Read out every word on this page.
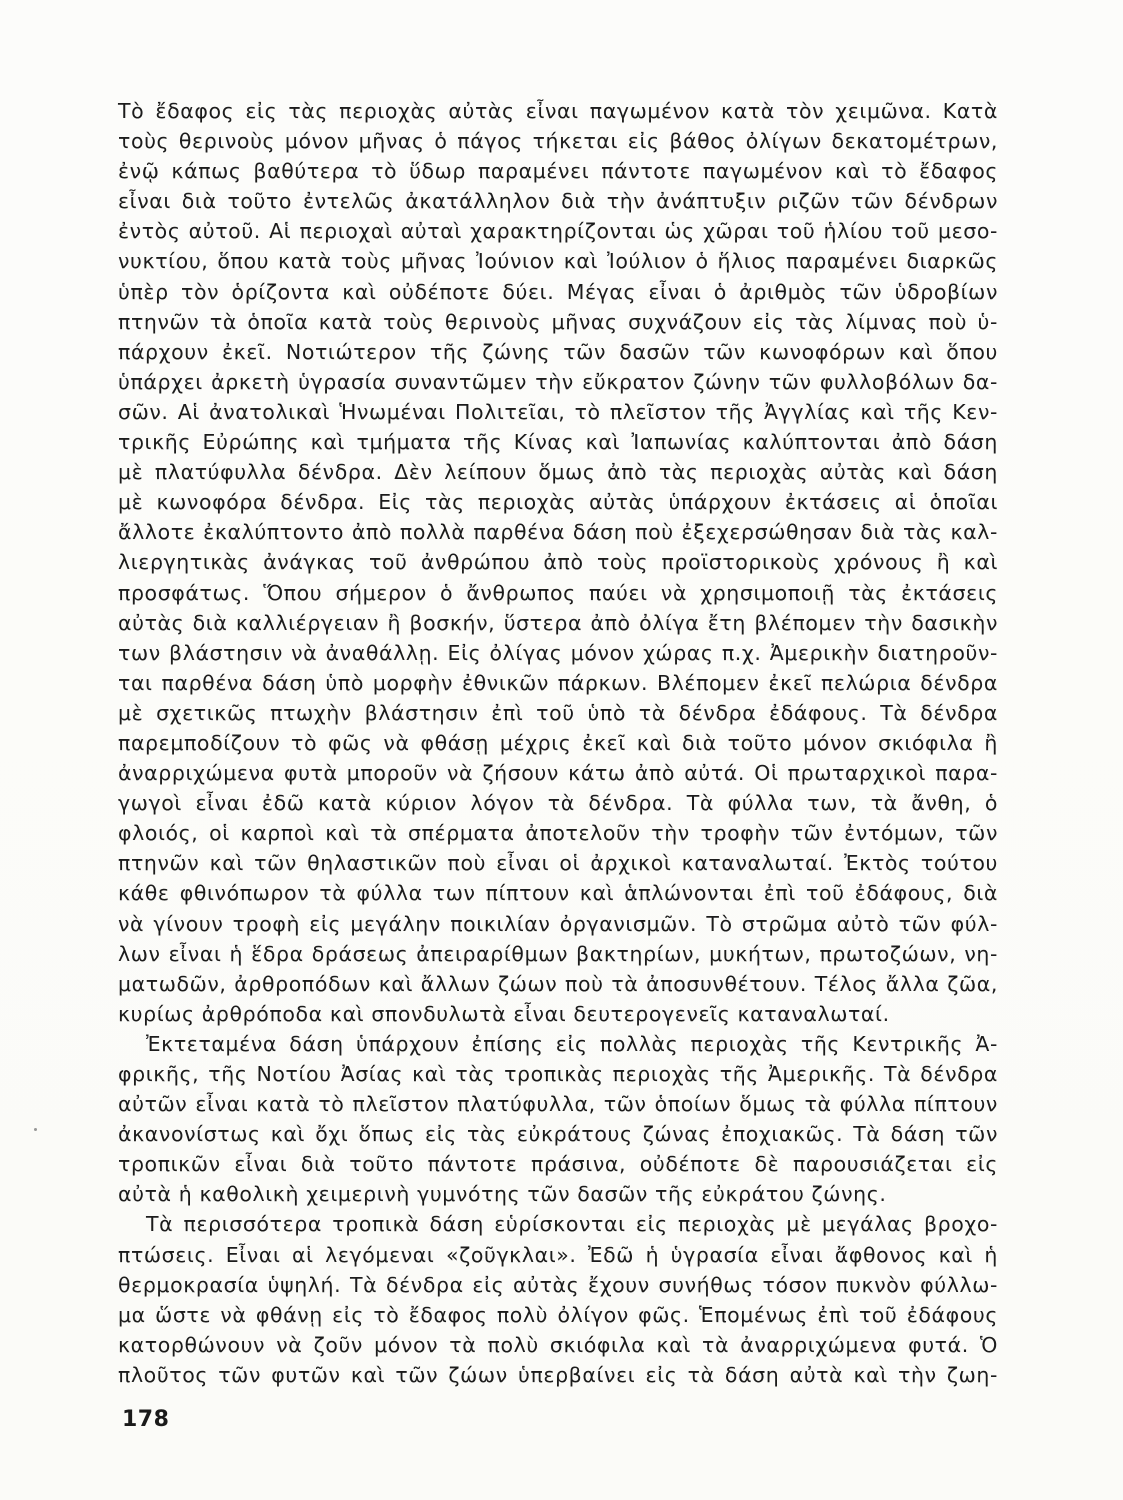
Τὸ ἔδαφος εἰς τὰς περιοχὰς αὐτὰς εἶναι παγωμένον κατὰ τὸν χειμῶνα. Κατὰ
τοὺς θερινοὺς μόνον μῆνας ὁ πάγος τήκεται εἰς βάθος ὀλίγων δεκατομέτρων,
ἐνῷ κάπως βαθύτερα τὸ ὕδωρ παραμένει πάντοτε παγωμένον καὶ τὸ ἔδαφος
εἶναι διὰ τοῦτο ἐντελῶς ἀκατάλληλον διὰ τὴν ἀνάπτυξιν ριζῶν τῶν δένδρων
ἐντὸς αὐτοῦ. Αἱ περιοχαὶ αὐταὶ χαρακτηρίζονται ὡς χῶραι τοῦ ἡλίου τοῦ μεσο-
νυκτίου, ὅπου κατὰ τοὺς μῆνας Ἰούνιον καὶ Ἰούλιον ὁ ἥλιος παραμένει διαρκῶς
ὑπὲρ τὸν ὁρίζοντα καὶ οὐδέποτε δύει. Μέγας εἶναι ὁ ἀριθμὸς τῶν ὑδροβίων
πτηνῶν τὰ ὁποῖα κατὰ τοὺς θερινοὺς μῆνας συχνάζουν εἰς τὰς λίμνας ποὺ ὑ-
πάρχουν ἐκεῖ. Νοτιώτερον τῆς ζώνης τῶν δασῶν τῶν κωνοφόρων καὶ ὅπου
ὑπάρχει ἀρκετὴ ὑγρασία συναντῶμεν τὴν εὔκρατον ζώνην τῶν φυλλοβόλων δα-
σῶν. Αἱ ἀνατολικαὶ Ἡνωμέναι Πολιτεῖαι, τὸ πλεῖστον τῆς Ἀγγλίας καὶ τῆς Κεν-
τρικῆς Εὐρώπης καὶ τμήματα τῆς Κίνας καὶ Ἰαπωνίας καλύπτονται ἀπὸ δάση
μὲ πλατύφυλλα δένδρα. Δὲν λείπουν ὅμως ἀπὸ τὰς περιοχὰς αὐτὰς καὶ δάση
μὲ κωνοφόρα δένδρα. Εἰς τὰς περιοχὰς αὐτὰς ὑπάρχουν ἐκτάσεις αἱ ὁποῖαι
ἄλλοτε ἐκαλύπτοντο ἀπὸ πολλὰ παρθένα δάση ποὺ ἐξεχερσώθησαν διὰ τὰς καλ-
λιεργητικὰς ἀνάγκας τοῦ ἀνθρώπου ἀπὸ τοὺς προϊστορικοὺς χρόνους ἢ καὶ
προσφάτως. Ὅπου σήμερον ὁ ἄνθρωπος παύει νὰ χρησιμοποιῇ τὰς ἐκτάσεις
αὐτὰς διὰ καλλιέργειαν ἢ βοσκήν, ὕστερα ἀπὸ ὀλίγα ἔτη βλέπομεν τὴν δασικὴν
των βλάστησιν νὰ ἀναθάλλῃ. Εἰς ὀλίγας μόνον χώρας π.χ. Ἀμερικὴν διατηροῦν-
ται παρθένα δάση ὑπὸ μορφὴν ἐθνικῶν πάρκων. Βλέπομεν ἐκεῖ πελώρια δένδρα
μὲ σχετικῶς πτωχὴν βλάστησιν ἐπὶ τοῦ ὑπὸ τὰ δένδρα ἐδάφους. Τὰ δένδρα
παρεμποδίζουν τὸ φῶς νὰ φθάσῃ μέχρις ἐκεῖ καὶ διὰ τοῦτο μόνον σκιόφιλα ἢ
ἀναρριχώμενα φυτὰ μποροῦν νὰ ζήσουν κάτω ἀπὸ αὐτά. Οἱ πρωταρχικοὶ παρα-
γωγοὶ εἶναι ἐδῶ κατὰ κύριον λόγον τὰ δένδρα. Τὰ φύλλα των, τὰ ἄνθη, ὁ
φλοιός, οἱ καρποὶ καὶ τὰ σπέρματα ἀποτελοῦν τὴν τροφὴν τῶν ἐντόμων, τῶν
πτηνῶν καὶ τῶν θηλαστικῶν ποὺ εἶναι οἱ ἀρχικοὶ καταναλωταί. Ἐκτὸς τούτου
κάθε φθινόπωρον τὰ φύλλα των πίπτουν καὶ ἁπλώνονται ἐπὶ τοῦ ἐδάφους, διὰ
νὰ γίνουν τροφὴ εἰς μεγάλην ποικιλίαν ὀργανισμῶν. Τὸ στρῶμα αὐτὸ τῶν φύλ-
λων εἶναι ἡ ἕδρα δράσεως ἀπειραρίθμων βακτηρίων, μυκήτων, πρωτοζώων, νη-
ματωδῶν, ἀρθροπόδων καὶ ἄλλων ζώων ποὺ τὰ ἀποσυνθέτουν. Τέλος ἄλλα ζῶα,
κυρίως ἀρθρόποδα καὶ σπονδυλωτὰ εἶναι δευτερογενεῖς καταναλωταί.
Ἐκτεταμένα δάση ὑπάρχουν ἐπίσης εἰς πολλὰς περιοχὰς τῆς Κεντρικῆς Ἀ-
φρικῆς, τῆς Νοτίου Ἀσίας καὶ τὰς τροπικὰς περιοχὰς τῆς Ἀμερικῆς. Τὰ δένδρα
αὐτῶν εἶναι κατὰ τὸ πλεῖστον πλατύφυλλα, τῶν ὁποίων ὅμως τὰ φύλλα πίπτουν
ἀκανονίστως καὶ ὄχι ὅπως εἰς τὰς εὐκράτους ζώνας ἐποχιακῶς. Τὰ δάση τῶν
τροπικῶν εἶναι διὰ τοῦτο πάντοτε πράσινα, οὐδέποτε δὲ παρουσιάζεται εἰς
αὐτὰ ἡ καθολικὴ χειμερινὴ γυμνότης τῶν δασῶν τῆς εὐκράτου ζώνης.
Τὰ περισσότερα τροπικὰ δάση εὑρίσκονται εἰς περιοχὰς μὲ μεγάλας βροχο-
πτώσεις. Εἶναι αἱ λεγόμεναι «ζοῦγκλαι». Ἐδῶ ἡ ὑγρασία εἶναι ἄφθονος καὶ ἡ
θερμοκρασία ὑψηλή. Τὰ δένδρα εἰς αὐτὰς ἔχουν συνήθως τόσον πυκνὸν φύλλω-
μα ὥστε νὰ φθάνῃ εἰς τὸ ἔδαφος πολὺ ὀλίγον φῶς. Ἑπομένως ἐπὶ τοῦ ἐδάφους
κατορθώνουν νὰ ζοῦν μόνον τὰ πολὺ σκιόφιλα καὶ τὰ ἀναρριχώμενα φυτά. Ὁ
πλοῦτος τῶν φυτῶν καὶ τῶν ζώων ὑπερβαίνει εἰς τὰ δάση αὐτὰ καὶ τὴν ζωη-
178
